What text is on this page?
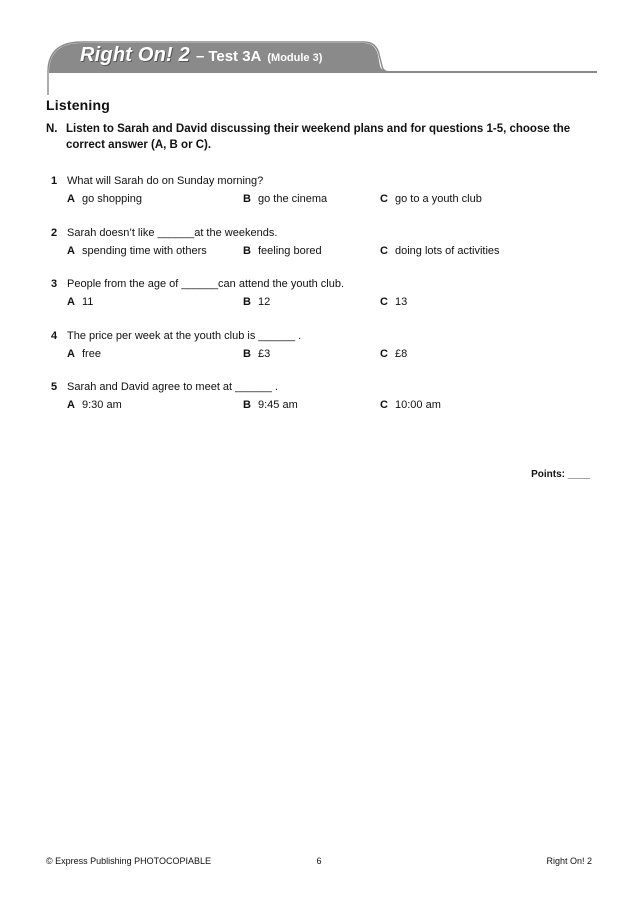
Right On! 2 – Test 3A (Module 3)
Listening
N. Listen to Sarah and David discussing their weekend plans and for questions 1-5, choose the correct answer (A, B or C).
1 What will Sarah do on Sunday morning?
A go shopping	B go the cinema	C go to a youth club
2 Sarah doesn’t like ______at the weekends.
A spending time with others	B feeling bored	C doing lots of activities
3 People from the age of ______can attend the youth club.
A 11	B 12	C 13
4 The price per week at the youth club is ______ .
A free	B £3	C £8
5 Sarah and David agree to meet at ______ .
A 9:30 am	B 9:45 am	C 10:00 am
Points: ____
© Express Publishing PHOTOCOPIABLE	6	Right On! 2
